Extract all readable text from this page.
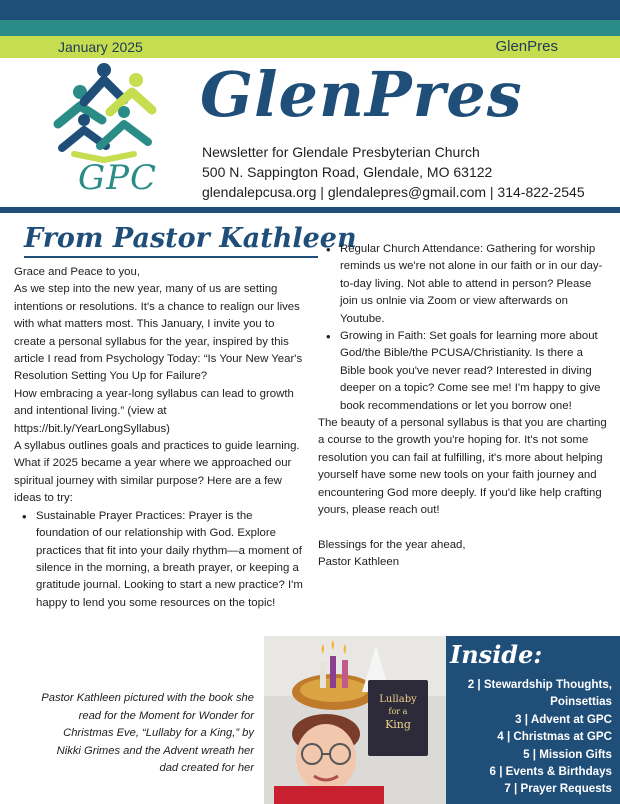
January 2025	GlenPres
GPC
GlenPres
Newsletter for Glendale Presbyterian Church
500 N. Sappington Road, Glendale, MO 63122
glendalepcusa.org | glendalepres@gmail.com | 314-822-2545
From Pastor Kathleen

Grace and Peace to you,

As we step into the new year, many of us are setting intentions or resolutions. It's a chance to realign our lives with what matters most. This January, I invite you to create a personal syllabus for the year, inspired by this article I read from Psychology Today: “Is Your New Year's Resolution Setting You Up for Failure?

How embracing a year-long syllabus can lead to growth and intentional living.” (view at https://bit.ly/YearLongSyllabus)

A syllabus outlines goals and practices to guide learning. What if 2025 became a year where we approached our spiritual journey with similar purpose? Here are a few ideas to try:

• Sustainable Prayer Practices: Prayer is the foundation of our relationship with God. Explore practices that fit into your daily rhythm—a moment of silence in the morning, a breath prayer, or keeping a gratitude journal. Looking to start a new practice? I'm happy to lend you some resources on the topic!
• Regular Church Attendance: Gathering for worship reminds us we're not alone in our faith or in our day-to-day living. Not able to attend in person? Please join us onlnie via Zoom or view afterwards on Youtube.
• Growing in Faith: Set goals for learning more about God/the Bible/the PCUSA/Christianity. Is there a Bible book you've never read? Interested in diving deeper on a topic? Come see me! I'm happy to give book recommendations or let you borrow one!

The beauty of a personal syllabus is that you are charting a course to the growth you're hoping for. It's not some resolution you can fail at fulfilling, it's more about helping yourself have some new tools on your faith journey and encountering God more deeply. If you'd like help crafting yours, please reach out!

Blessings for the year ahead,

Pastor Kathleen

Pastor Kathleen pictured with the book she read for the Moment for Wonder for Christmas Eve, “Lullaby for a King,” by Nikki Grimes and the Advent wreath her dad created for her
Lullaby
for a
King
Inside:
2 | Stewardship Thoughts,
Poinsettias
3 | Advent at GPC
4 | Christmas at GPC
5 | Mission Gifts
6 | Events & Birthdays
7 | Prayer Requests
